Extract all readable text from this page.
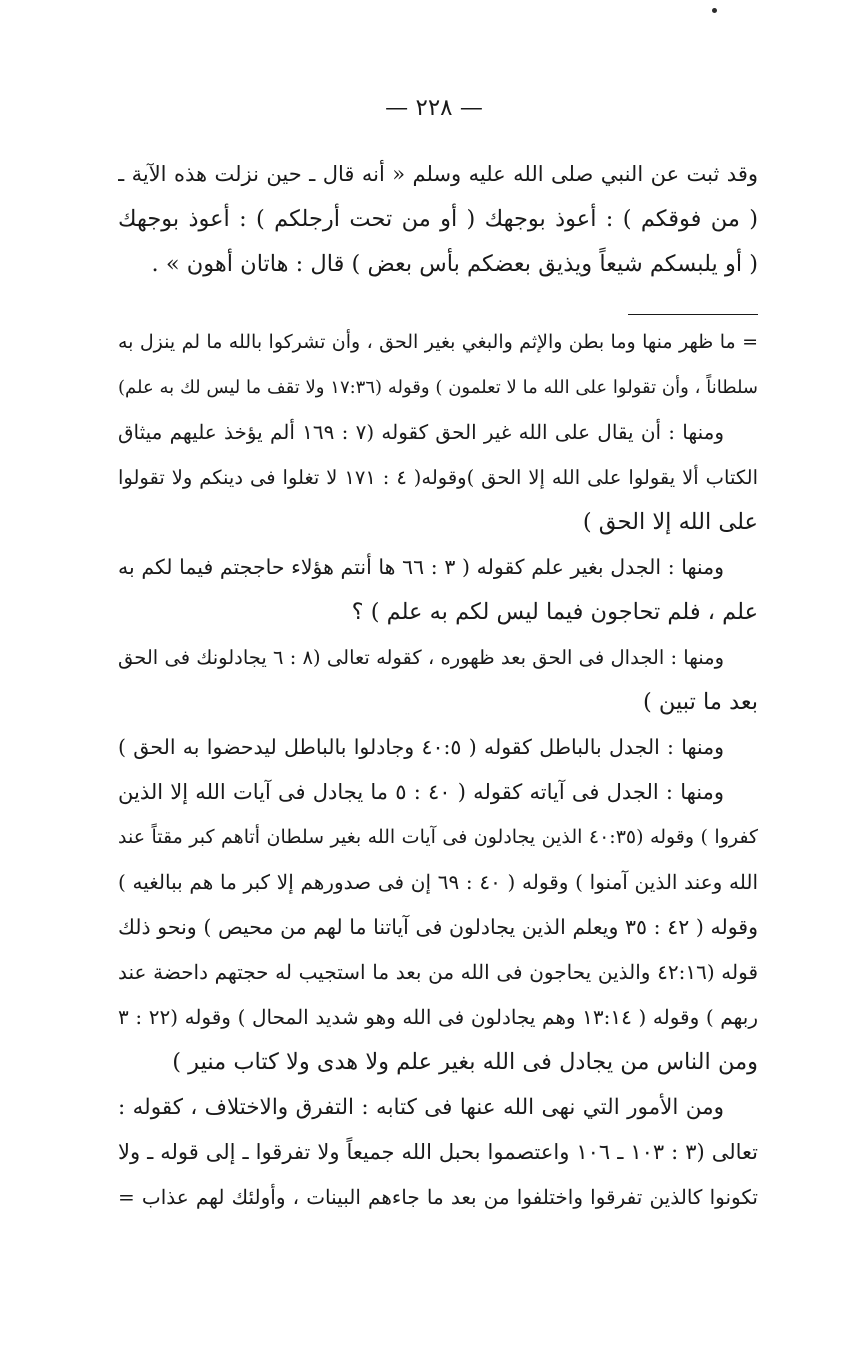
— ٢٢٨ —
وقد ثبت عن النبي صلى الله عليه وسلم « أنه قال ـ حين نزلت هذه الآية ـ
( من فوقكم ) : أعوذ بوجهك ( أو من تحت أرجلكم ) : أعوذ بوجهك
( أو يلبسكم شيعاً ويذيق بعضكم بأس بعض ) قال : هاتان أهون » .
= ما ظهر منها وما بطن والإثم والبغي بغير الحق ، وأن تشركوا بالله ما لم ينزل به
سلطاناً ، وأن تقولوا على الله ما لا تعلمون ) وقوله (١٧:٣٦ ولا تقف ما ليس لك به علم)
ومنها : أن يقال على الله غير الحق كقوله (٧ : ١٦٩ ألم يؤخذ عليهم ميثاق
الكتاب ألا يقولوا على الله إلا الحق )وقوله( ٤ : ١٧١ لا تغلوا فى دينكم ولا تقولوا
على الله إلا الحق )
ومنها : الجدل بغير علم كقوله ( ٣ : ٦٦ ها أنتم هؤلاء حاججتم فيما لكم به
علم ، فلم تحاجون فيما ليس لكم به علم ) ؟
ومنها : الجدال فى الحق بعد ظهوره ، كقوله تعالى (٨ : ٦ يجادلونك فى الحق
بعد ما تبين )
ومنها : الجدل بالباطل كقوله ( ٤٠:٥ وجادلوا بالباطل ليدحضوا به الحق )
ومنها : الجدل فى آياته كقوله ( ٤٠ : ٥ ما يجادل فى آيات الله إلا الذين
كفروا ) وقوله (٤٠:٣٥ الذين يجادلون فى آيات الله بغير سلطان أتاهم كبر مقتاً عند
الله وعند الذين آمنوا ) وقوله ( ٤٠ : ٦٩ إن فى صدورهم إلا كبر ما هم ببالغيه )
وقوله ( ٤٢ : ٣٥ ويعلم الذين يجادلون فى آياتنا ما لهم من محيص ) ونحو ذلك
قوله (٤٢:١٦ والذين يحاجون فى الله من بعد ما استجيب له حجتهم داحضة عند
ربهم ) وقوله ( ١٣:١٤ وهم يجادلون فى الله وهو شديد المحال ) وقوله (٢٢ : ٣
ومن الناس من يجادل فى الله بغير علم ولا هدى ولا كتاب منير )
ومن الأمور التي نهى الله عنها فى كتابه : التفرق والاختلاف ، كقوله :
تعالى (٣ : ١٠٣ ـ ١٠٦ واعتصموا بحبل الله جميعاً ولا تفرقوا ـ إلى قوله ـ ولا
تكونوا كالذين تفرقوا واختلفوا من بعد ما جاءهم البينات ، وأولئك لهم عذاب =
